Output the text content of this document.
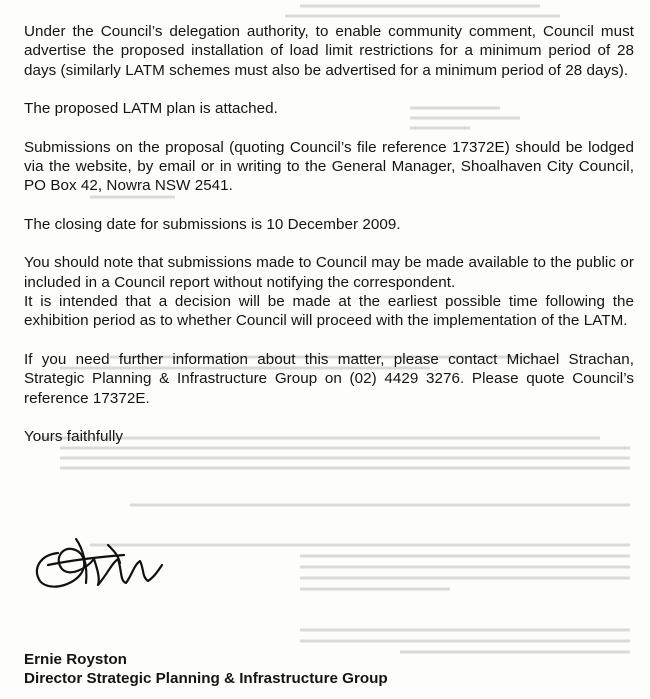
Under the Council’s delegation authority, to enable community comment, Council must advertise the proposed installation of load limit restrictions for a minimum period of 28 days (similarly LATM schemes must also be advertised for a minimum period of 28 days).

The proposed LATM plan is attached.

Submissions on the proposal (quoting Council’s file reference 17372E) should be lodged via the website, by email or in writing to the General Manager, Shoalhaven City Council, PO Box 42, Nowra NSW 2541.

The closing date for submissions is 10 December 2009.

You should note that submissions made to Council may be made available to the public or included in a Council report without notifying the correspondent.

It is intended that a decision will be made at the earliest possible time following the exhibition period as to whether Council will proceed with the implementation of the LATM.

If you need further information about this matter, please contact Michael Strachan, Strategic Planning & Infrastructure Group on (02) 4429 3276. Please quote Council’s reference 17372E.

Yours faithfully

Ernie Royston
Director Strategic Planning & Infrastructure Group
